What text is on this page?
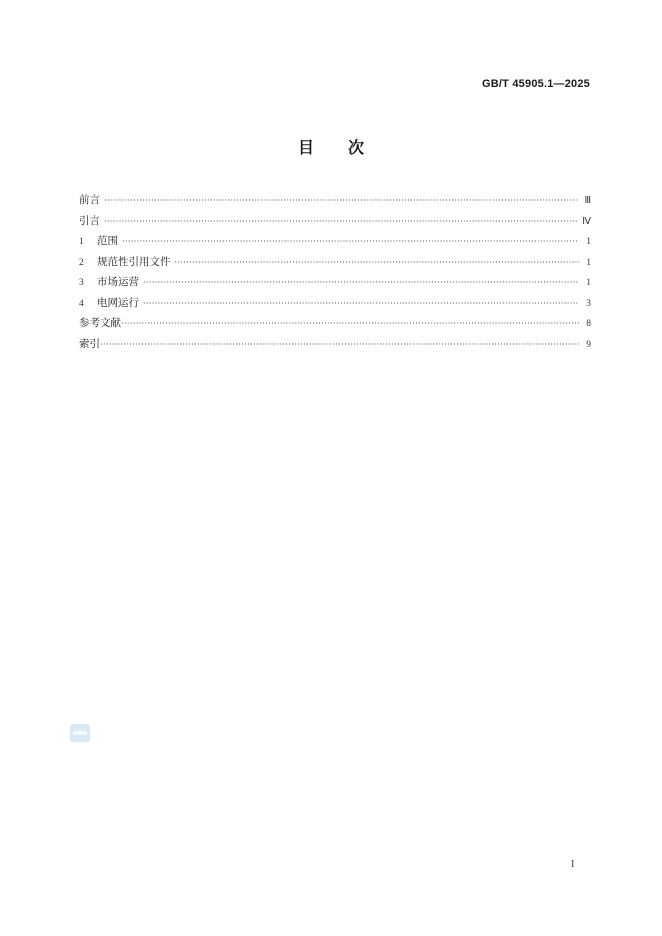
GB/T 45905.1—2025
目 次
前言 ·····	Ⅲ
引言 ·····	Ⅳ
1	范围 ·····	1
2	规范性引用文件 ·····	1
3	市场运营 ·····	1
4	电网运行 ·····	3
参考文献 ·····	8
索引 ·····	9
I
